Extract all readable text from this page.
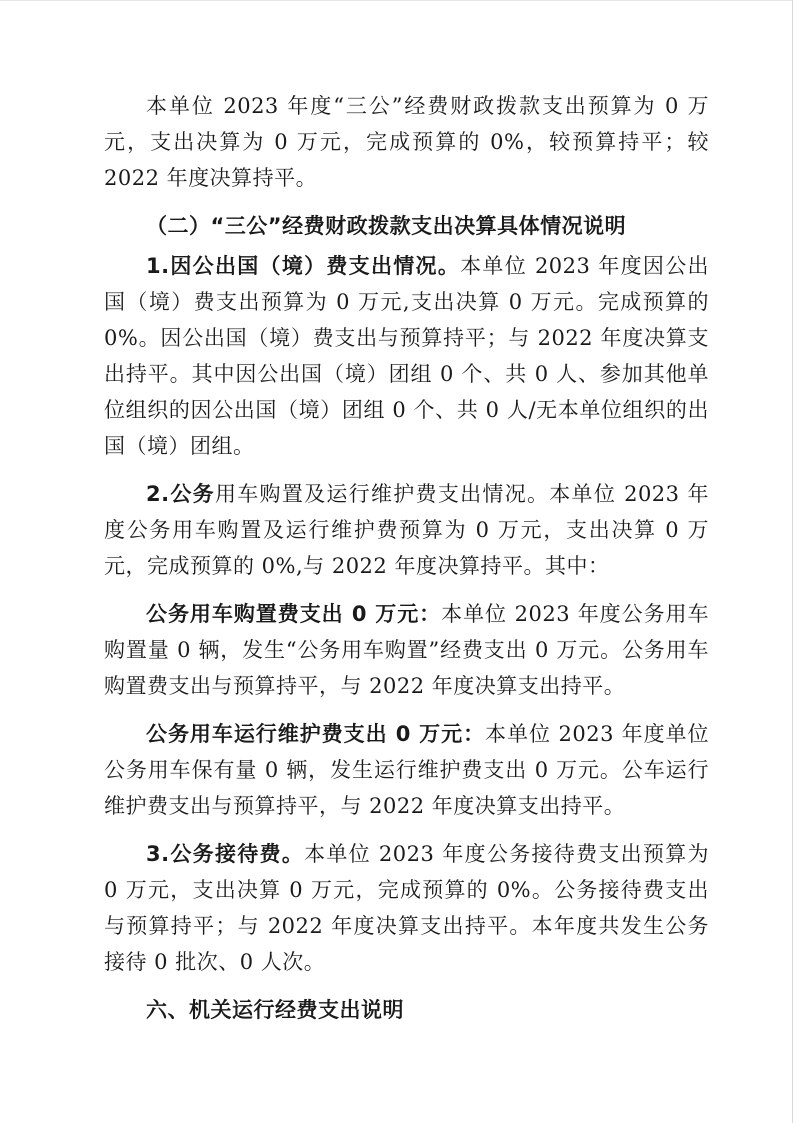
本单位 2023 年度“三公”经费财政拨款支出预算为 0 万元，支出决算为 0 万元，完成预算的 0%，较预算持平；较 2022 年度决算持平。

（二）“三公”经费财政拨款支出决算具体情况说明

1.因公出国（境）费支出情况。本单位 2023 年度因公出国（境）费支出预算为 0 万元,支出决算 0 万元。完成预算的 0%。因公出国（境）费支出与预算持平；与 2022 年度决算支出持平。其中因公出国（境）团组 0 个、共 0 人、参加其他单位组织的因公出国（境）团组 0 个、共 0 人/无本单位组织的出国（境）团组。

2.公务用车购置及运行维护费支出情况。本单位 2023 年度公务用车购置及运行维护费预算为 0 万元，支出决算 0 万元，完成预算的 0%,与 2022 年度决算持平。其中：

公务用车购置费支出 0 万元：本单位 2023 年度公务用车购置量 0 辆，发生“公务用车购置”经费支出 0 万元。公务用车购置费支出与预算持平，与 2022 年度决算支出持平。

公务用车运行维护费支出 0 万元：本单位 2023 年度单位公务用车保有量 0 辆，发生运行维护费支出 0 万元。公车运行维护费支出与预算持平，与 2022 年度决算支出持平。

3.公务接待费。本单位 2023 年度公务接待费支出预算为 0 万元，支出决算 0 万元，完成预算的 0%。公务接待费支出与预算持平；与 2022 年度决算支出持平。本年度共发生公务接待 0 批次、0 人次。

六、机关运行经费支出说明
